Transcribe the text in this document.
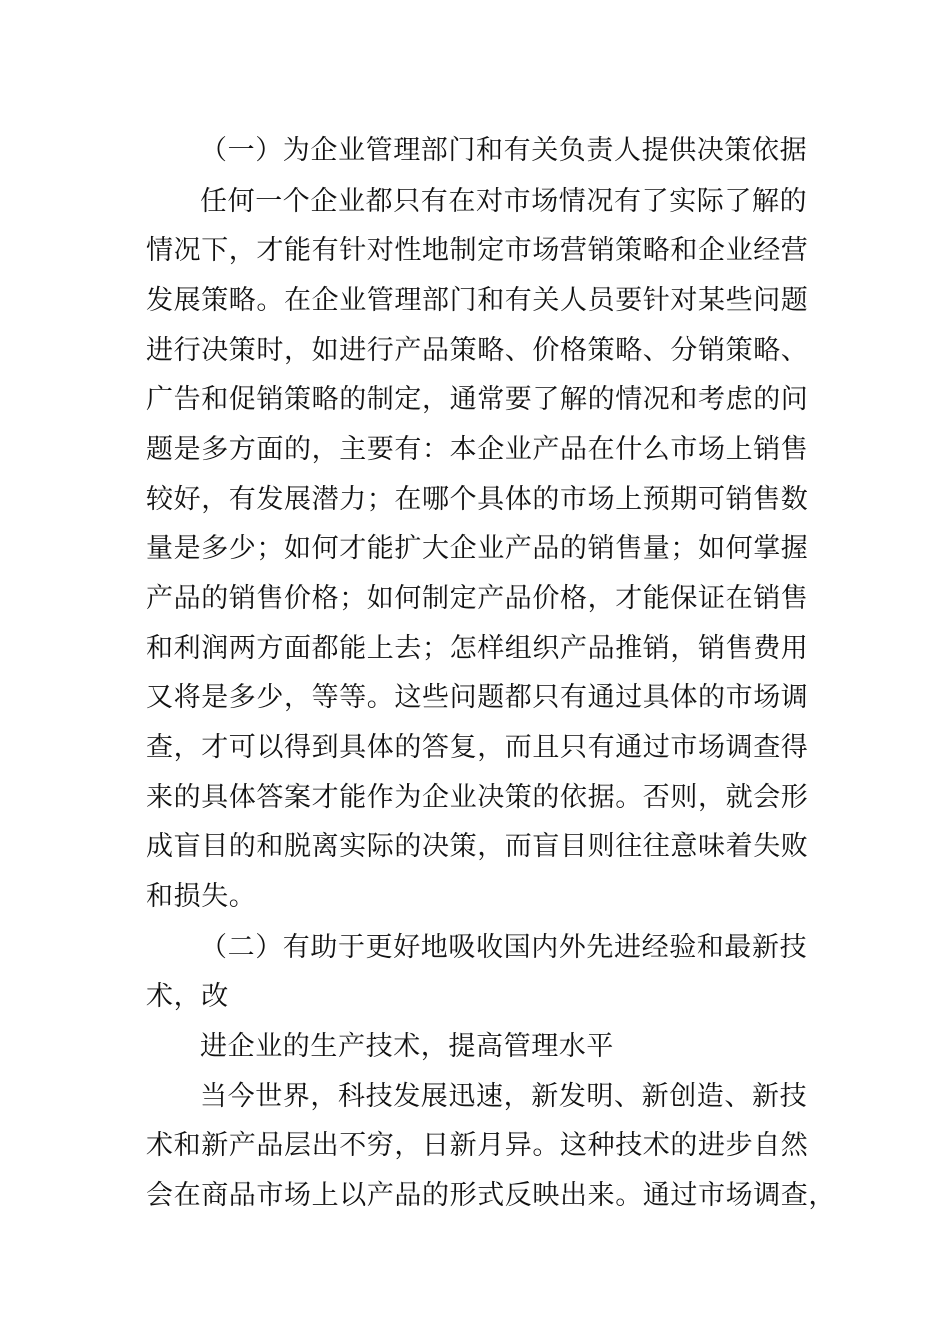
（一）为企业管理部门和有关负责人提供决策依据
任何一个企业都只有在对市场情况有了实际了解的
情况下，才能有针对性地制定市场营销策略和企业经营
发展策略。在企业管理部门和有关人员要针对某些问题
进行决策时，如进行产品策略、价格策略、分销策略、
广告和促销策略的制定，通常要了解的情况和考虑的问
题是多方面的，主要有：本企业产品在什么市场上销售
较好，有发展潜力；在哪个具体的市场上预期可销售数
量是多少；如何才能扩大企业产品的销售量；如何掌握
产品的销售价格；如何制定产品价格，才能保证在销售
和利润两方面都能上去；怎样组织产品推销，销售费用
又将是多少，等等。这些问题都只有通过具体的市场调
查，才可以得到具体的答复，而且只有通过市场调查得
来的具体答案才能作为企业决策的依据。否则，就会形
成盲目的和脱离实际的决策，而盲目则往往意味着失败
和损失。
（二）有助于更好地吸收国内外先进经验和最新技
术，改
进企业的生产技术，提高管理水平
当今世界，科技发展迅速，新发明、新创造、新技
术和新产品层出不穷，日新月异。这种技术的进步自然
会在商品市场上以产品的形式反映出来。通过市场调查，
